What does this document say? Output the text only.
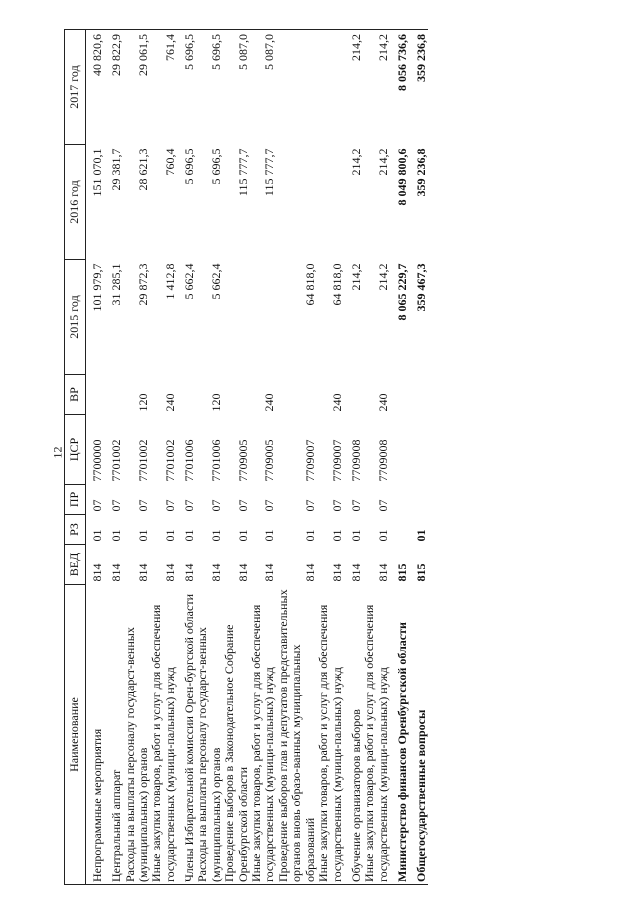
12
Наименование	ВЕД	РЗ	ПР	ЦСР	ВР	2015 год	2016 год	2017 год
Непрограммные мероприятия	814	01	07	7700000		101 979,7	151 070,1	40 820,6
Центральный аппарат	814	01	07	7701002		31 285,1	29 381,7	29 822,9
Расходы на выплаты персоналу государст-венных (муниципальных) органов	814	01	07	7701002	120	29 872,3	28 621,3	29 061,5
Иные закупки товаров, работ и услуг для обеспечения государственных (муници-пальных) нужд	814	01	07	7701002	240	1 412,8	760,4	761,4
Члены Избирательной комиссии Орен-бургской области	814	01	07	7701006		5 662,4	5 696,5	5 696,5
Расходы на выплаты персоналу государст-венных (муниципальных) органов	814	01	07	7701006	120	5 662,4	5 696,5	5 696,5
Проведение выборов в Законодательное Собрание Оренбургской области	814	01	07	7709005			115 777,7	5 087,0
Иные закупки товаров, работ и услуг для обеспечения государственных (муници-пальных) нужд	814	01	07	7709005	240		115 777,7	5 087,0
Проведение выборов глав и депутатов представительных органов вновь образо-ванных муниципальных образований	814	01	07	7709007		64 818,0		
Иные закупки товаров, работ и услуг для обеспечения государственных (муници-пальных) нужд	814	01	07	7709007	240	64 818,0		
Обучение организаторов выборов	814	01	07	7709008		214,2	214,2	214,2
Иные закупки товаров, работ и услуг для обеспечения государственных (муници-пальных) нужд	814	01	07	7709008	240	214,2	214,2	214,2
Министерство финансов Оренбургской области	815					8 065 229,7	8 049 800,6	8 056 736,6
Общегосударственные вопросы	815	01				359 467,3	359 236,8	359 236,8
